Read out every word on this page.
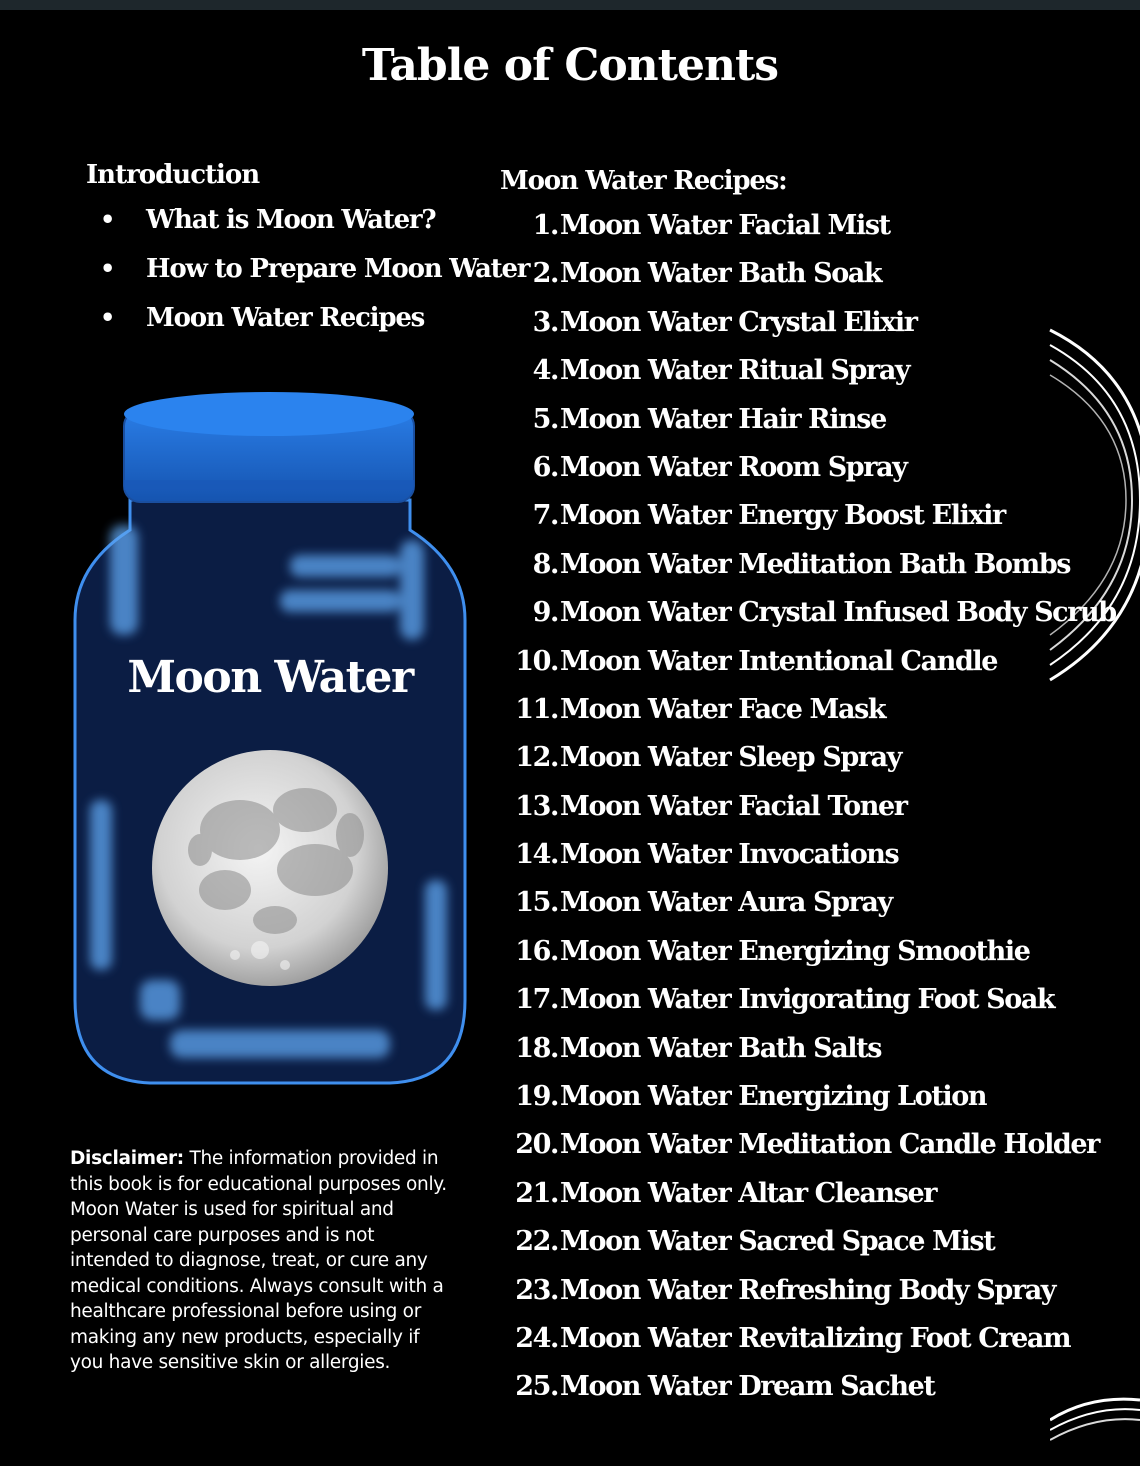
Table of Contents
Introduction
• What is Moon Water?
• How to Prepare Moon Water
• Moon Water Recipes
Moon Water Recipes:
1.Moon Water Facial Mist
2.Moon Water Bath Soak
3.Moon Water Crystal Elixir
4.Moon Water Ritual Spray
5.Moon Water Hair Rinse
6.Moon Water Room Spray
7.Moon Water Energy Boost Elixir
8.Moon Water Meditation Bath Bombs
9.Moon Water Crystal Infused Body Scrub
10.Moon Water Intentional Candle
11.Moon Water Face Mask
12.Moon Water Sleep Spray
13.Moon Water Facial Toner
14.Moon Water Invocations
15.Moon Water Aura Spray
16.Moon Water Energizing Smoothie
17.Moon Water Invigorating Foot Soak
18.Moon Water Bath Salts
19.Moon Water Energizing Lotion
20.Moon Water Meditation Candle Holder
21.Moon Water Altar Cleanser
22.Moon Water Sacred Space Mist
23.Moon Water Refreshing Body Spray
24.Moon Water Revitalizing Foot Cream
25.Moon Water Dream Sachet
Moon Water
Disclaimer: The information provided in this book is for educational purposes only. Moon Water is used for spiritual and personal care purposes and is not intended to diagnose, treat, or cure any medical conditions. Always consult with a healthcare professional before using or making any new products, especially if you have sensitive skin or allergies.
